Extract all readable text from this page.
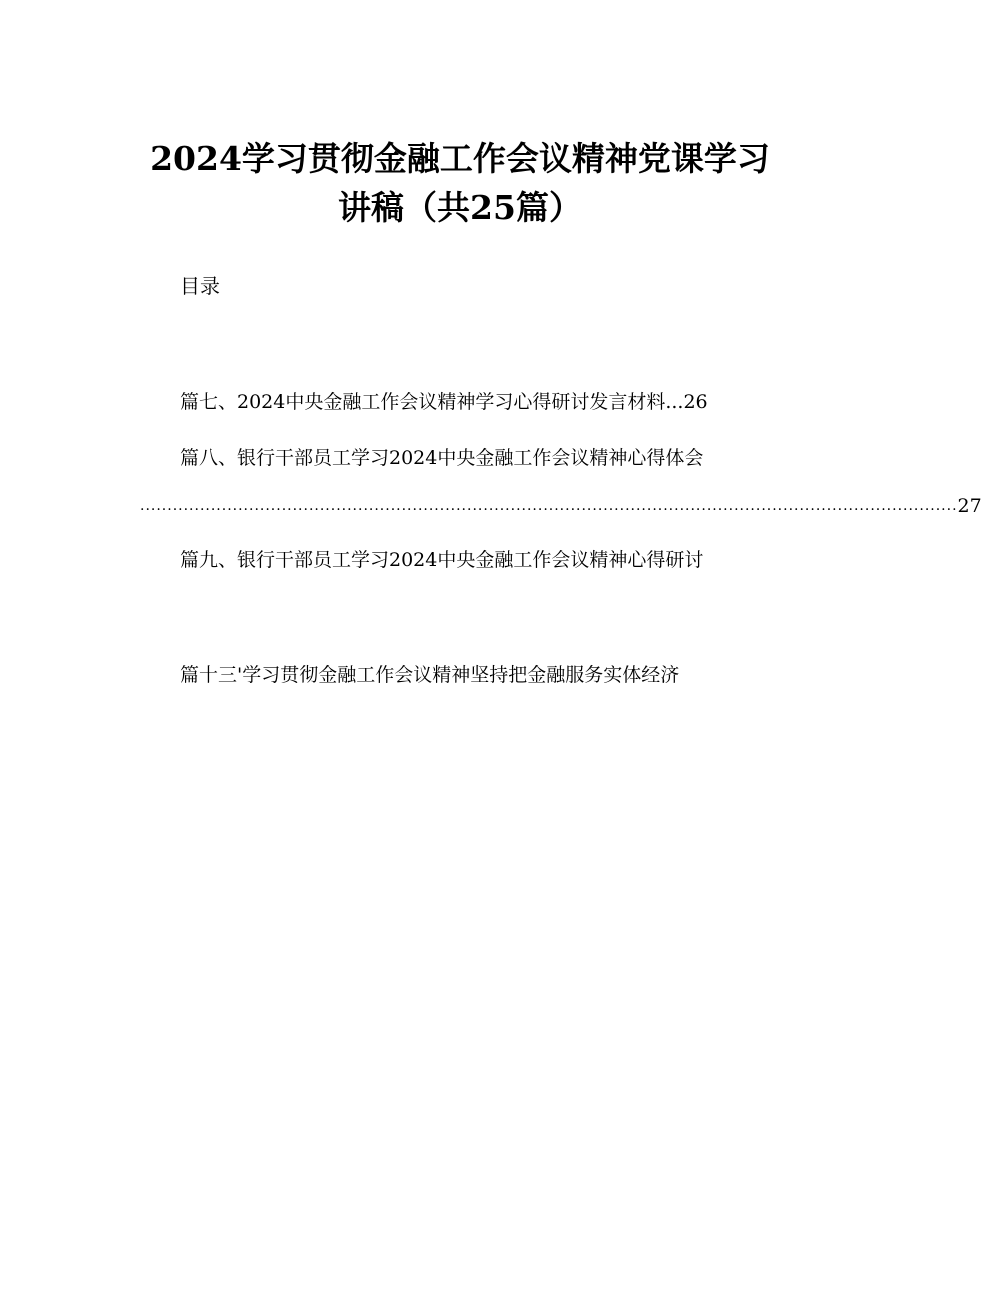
2024学习贯彻金融工作会议精神党课学习
讲稿（共25篇）
目录
篇七、2024中央金融工作会议精神学习心得研讨发言材料...26
篇八、银行干部员工学习2024中央金融工作会议精神心得体会
...................................................................................................................................................... 27
篇九、银行干部员工学习2024中央金融工作会议精神心得研讨
篇十三'学习贯彻金融工作会议精神坚持把金融服务实体经济
